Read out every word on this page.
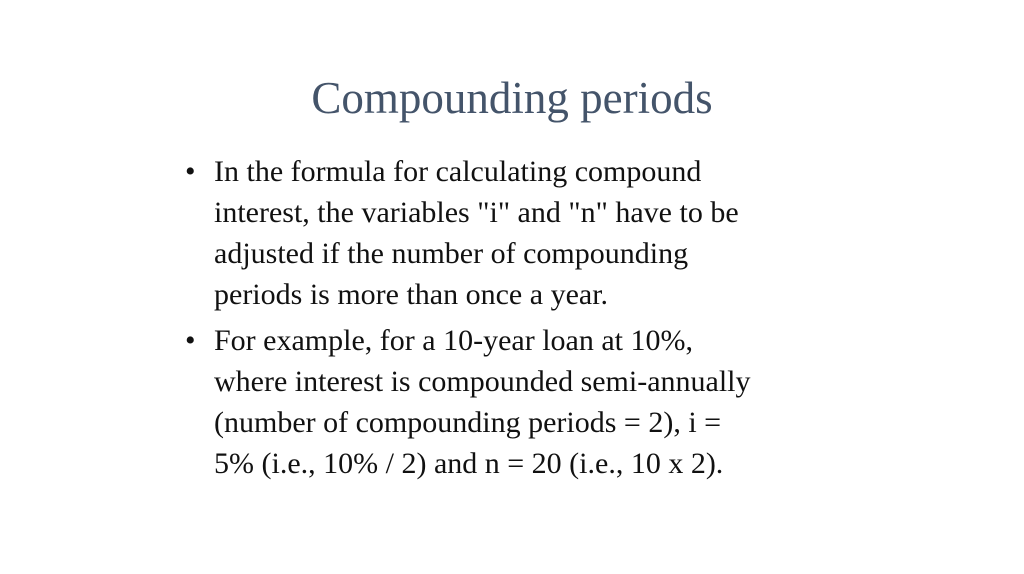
Compounding periods
• In the formula for calculating compound
interest, the variables "i" and "n" have to be
adjusted if the number of compounding
periods is more than once a year.
• For example, for a 10-year loan at 10%,
where interest is compounded semi-annually
(number of compounding periods = 2), i =
5% (i.e., 10% / 2) and n = 20 (i.e., 10 x 2).
